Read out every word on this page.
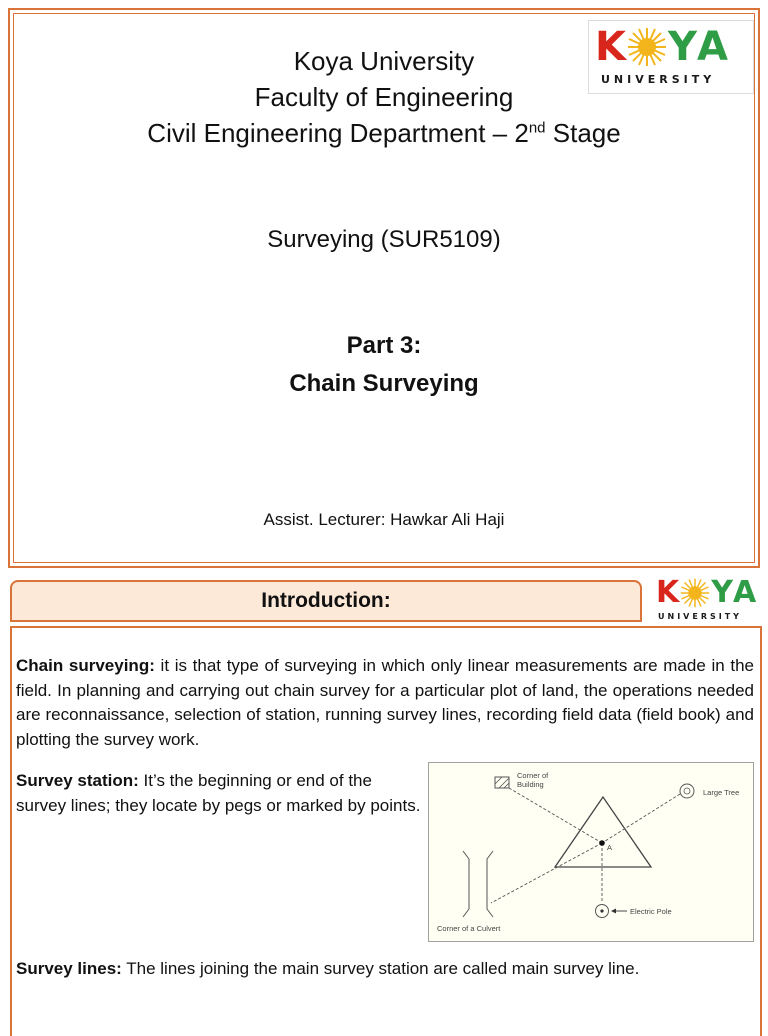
K Y A
UNIVERSITY
Koya University
Faculty of Engineering
Civil Engineering Department – 2nd Stage
Surveying (SUR5109)
Part 3:
Chain Surveying
Assist. Lecturer: Hawkar Ali Haji
Introduction:	K Y A
UNIVERSITY
Chain surveying: it is that type of surveying in which only linear measurements are made in the field. In planning and carrying out chain survey for a particular plot of land, the operations needed are reconnaissance, selection of station, running survey lines, recording field data (field book) and plotting the survey work.
Survey station: It’s the beginning or end of the survey lines; they locate by pegs or marked by points.
Corner of
Building
Large Tree
A
Electric Pole
Corner of a Culvert
Survey lines: The lines joining the main survey station are called main survey line.
